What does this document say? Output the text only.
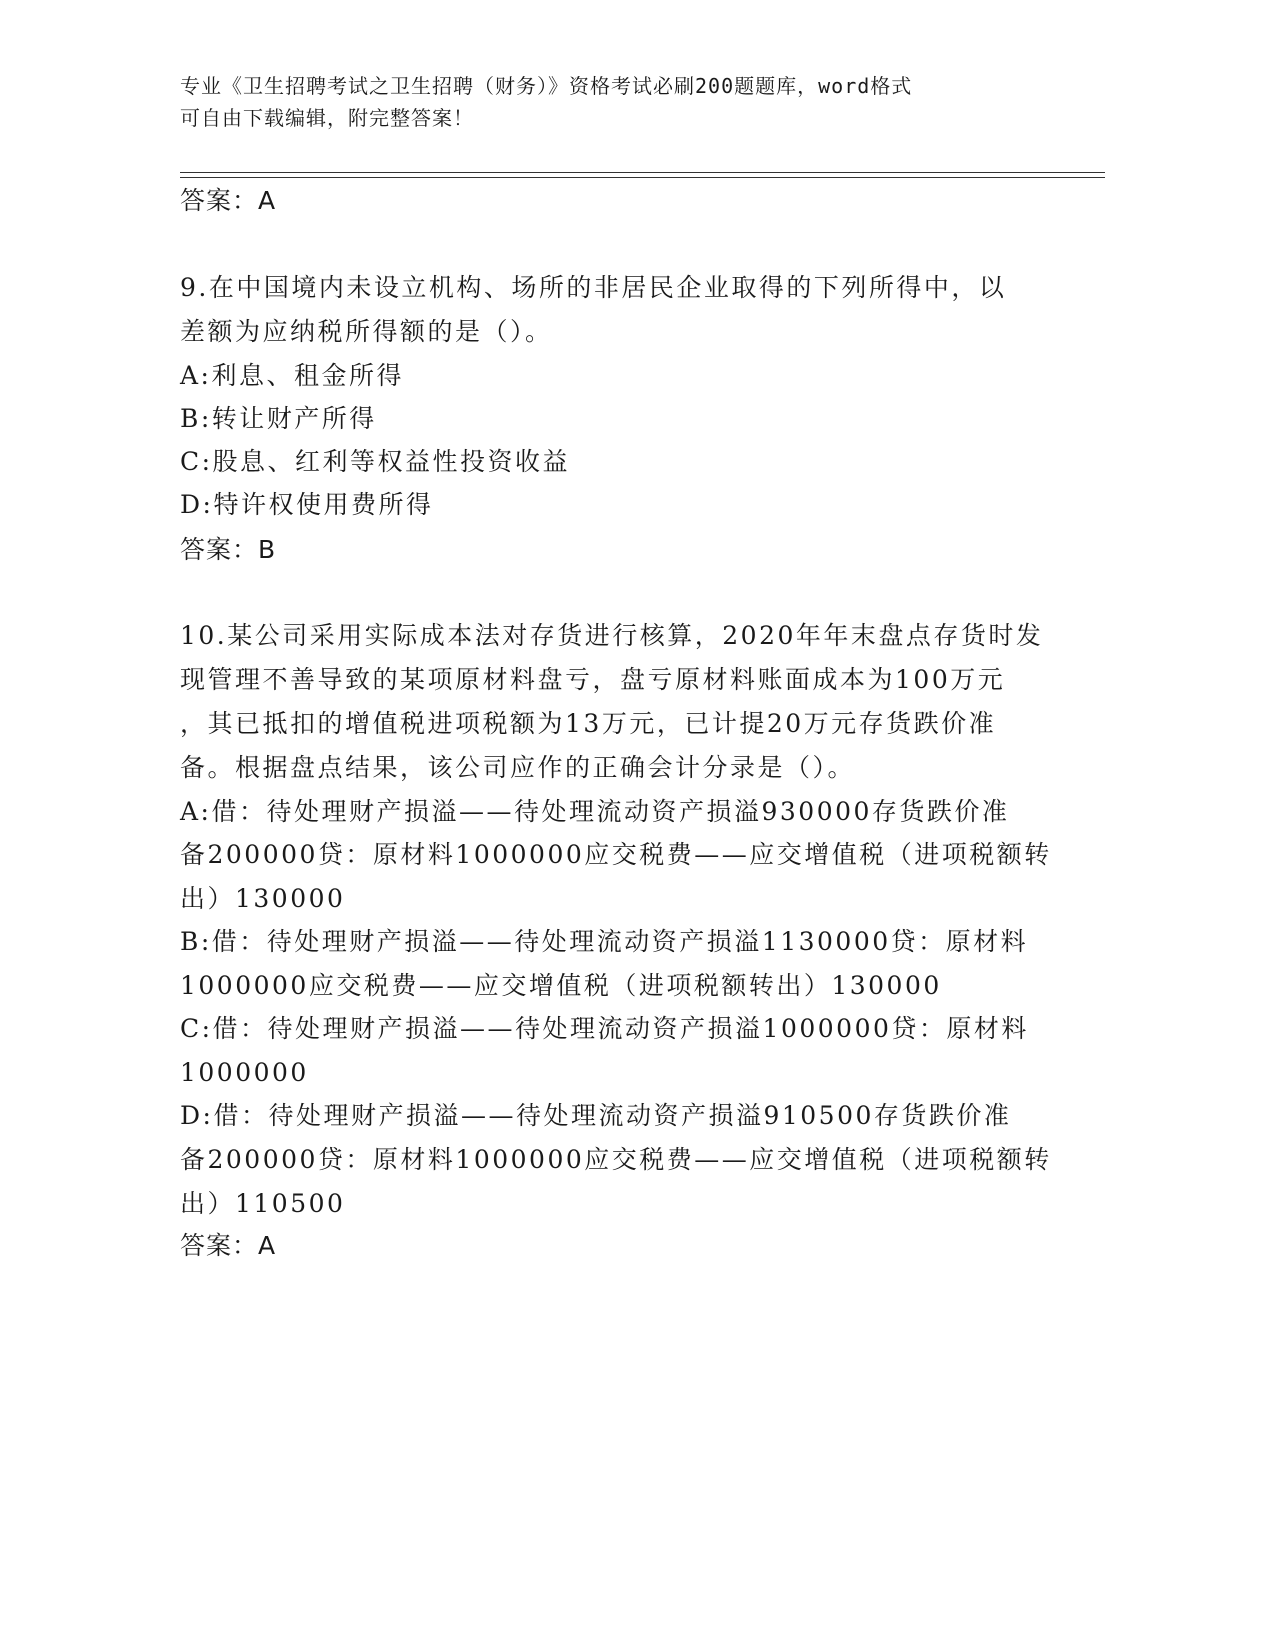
专业《卫生招聘考试之卫生招聘（财务）》资格考试必刷200题题库，word格式
可自由下载编辑，附完整答案！
答案：A
9.在中国境内未设立机构、场所的非居民企业取得的下列所得中，以
差额为应纳税所得额的是（）。
A:利息、租金所得
B:转让财产所得
C:股息、红利等权益性投资收益
D:特许权使用费所得
答案：B
10.某公司采用实际成本法对存货进行核算，2020年年末盘点存货时发
现管理不善导致的某项原材料盘亏，盘亏原材料账面成本为100万元
，其已抵扣的增值税进项税额为13万元，已计提20万元存货跌价准
备。根据盘点结果，该公司应作的正确会计分录是（）。
A:借：待处理财产损溢——待处理流动资产损溢930000存货跌价准
备200000贷：原材料1000000应交税费——应交增值税（进项税额转
出）130000
B:借：待处理财产损溢——待处理流动资产损溢1130000贷：原材料
1000000应交税费——应交增值税（进项税额转出）130000
C:借：待处理财产损溢——待处理流动资产损溢1000000贷：原材料
1000000
D:借：待处理财产损溢——待处理流动资产损溢910500存货跌价准
备200000贷：原材料1000000应交税费——应交增值税（进项税额转
出）110500
答案：A
